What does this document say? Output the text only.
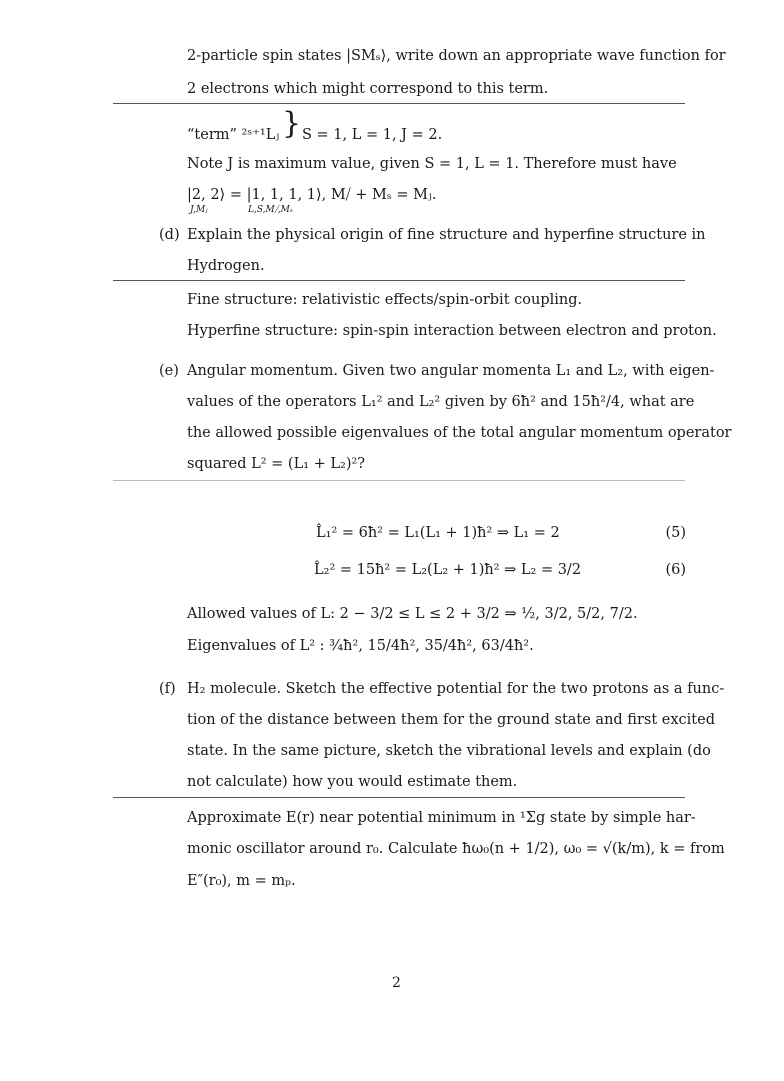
2-particle spin states |SMₛ⟩, write down an appropriate wave function for
2 electrons which might correspond to this term.
“term” ²ˢ⁺¹Lⱼ } S = 1, L = 1, J = 2.
Note J is maximum value, given S = 1, L = 1. Therefore must have
|2, 2⟩ = |1, 1, 1, 1⟩, M⧸ + Mₛ = Mⱼ.
J,Mⱼ	L,S,M⧸,Mₛ
(d) Explain the physical origin of fine structure and hyperfine structure in
Hydrogen.
Fine structure: relativistic effects/spin-orbit coupling.
Hyperfine structure: spin-spin interaction between electron and proton.
(e) Angular momentum. Given two angular momenta L₁ and L₂, with eigen-
values of the operators L₁² and L₂² given by 6ħ² and 15ħ²/4, what are
the allowed possible eigenvalues of the total angular momentum operator
squared L² = (L₁ + L₂)²?
L̂₁² = 6ħ² = L₁(L₁ + 1)ħ² ⇒ L₁ = 2	(5)
L̂₂² = 15ħ² = L₂(L₂ + 1)ħ² ⇒ L₂ = 3/2	(6)
Allowed values of L: 2 − 3/2 ≤ L ≤ 2 + 3/2 ⇒ ½, 3/2, 5/2, 7/2.
Eigenvalues of L² : ¾ħ², 15/4ħ², 35/4ħ², 63/4ħ².
(f) H₂ molecule. Sketch the effective potential for the two protons as a func-
tion of the distance between them for the ground state and first excited
state. In the same picture, sketch the vibrational levels and explain (do
not calculate) how you would estimate them.
Approximate E(r) near potential minimum in ¹Σg state by simple har-
monic oscillator around r₀. Calculate ħω₀(n + 1/2), ω₀ = √(k/m), k = from
E″(r₀), m = mₚ.
2
